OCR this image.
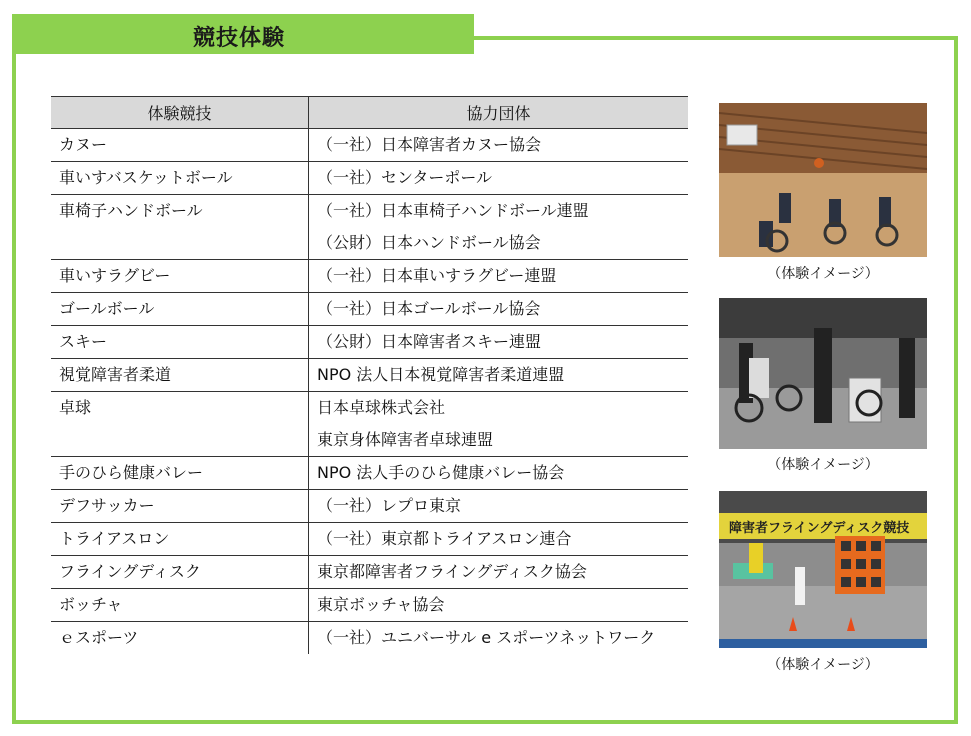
競技体験
体験競技	協力団体
カヌー	（一社）日本障害者カヌー協会

車いすバスケットボール	（一社）センターポール

車椅子ハンドボール	（一社）日本車椅子ハンドボール連盟
（公財）日本ハンドボール協会

車いすラグビー	（一社）日本車いすラグビー連盟

ゴールボール	（一社）日本ゴールボール協会

スキー	（公財）日本障害者スキー連盟

視覚障害者柔道	NPO 法人日本視覚障害者柔道連盟

卓球	日本卓球株式会社
東京身体障害者卓球連盟

手のひら健康バレー	NPO 法人手のひら健康バレー協会

デフサッカー	（一社）レプロ東京

トライアスロン	（一社）東京都トライアスロン連合

フライングディスク	東京都障害者フライングディスク協会

ボッチャ	東京ボッチャ協会

ｅスポーツ	（一社）ユニバーサル e スポーツネットワーク
（体験イメージ）
（体験イメージ）
障害者フライングディスク競技
（体験イメージ）
